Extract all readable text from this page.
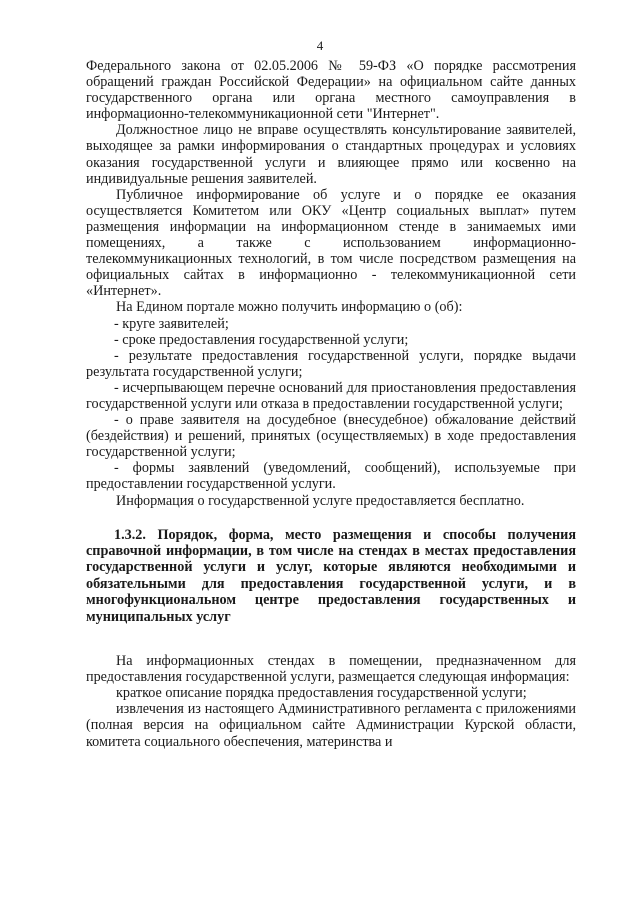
4

Федерального закона от 02.05.2006 № 59-ФЗ «О порядке рассмотрения обращений граждан Российской Федерации» на официальном сайте данных государственного органа или органа местного самоуправления в информационно-телекоммуникационной сети "Интернет".

Должностное лицо не вправе осуществлять консультирование заявителей, выходящее за рамки информирования о стандартных процедурах и условиях оказания государственной услуги и влияющее прямо или косвенно на индивидуальные решения заявителей.

Публичное информирование об услуге и о порядке ее оказания осуществляется Комитетом или ОКУ «Центр социальных выплат» путем размещения информации на информационном стенде в занимаемых ими помещениях, а также с использованием информационно-телекоммуникационных технологий, в том числе посредством размещения на официальных сайтах в информационно - телекоммуникационной сети «Интернет».

На Едином портале можно получить информацию о (об):

- круге заявителей;

- сроке предоставления государственной услуги;

- результате предоставления государственной услуги, порядке выдачи результата государственной услуги;

- исчерпывающем перечне оснований для приостановления предоставления государственной услуги или отказа в предоставлении государственной услуги;

- о праве заявителя на досудебное (внесудебное) обжалование действий (бездействия) и решений, принятых (осуществляемых) в ходе предоставления государственной услуги;

- формы заявлений (уведомлений, сообщений), используемые при предоставлении государственной услуги.

Информация о государственной услуге предоставляется бесплатно.

1.3.2. Порядок, форма, место размещения и способы получения справочной информации, в том числе на стендах в местах предоставления государственной услуги и услуг, которые являются необходимыми и обязательными для предоставления государственной услуги, и в многофункциональном центре предоставления государственных и муниципальных услуг

На информационных стендах в помещении, предназначенном для предоставления государственной услуги, размещается следующая информация:

краткое описание порядка предоставления государственной услуги;

извлечения из настоящего Административного регламента с приложениями (полная версия на официальном сайте Администрации Курской области, комитета социального обеспечения, материнства и
